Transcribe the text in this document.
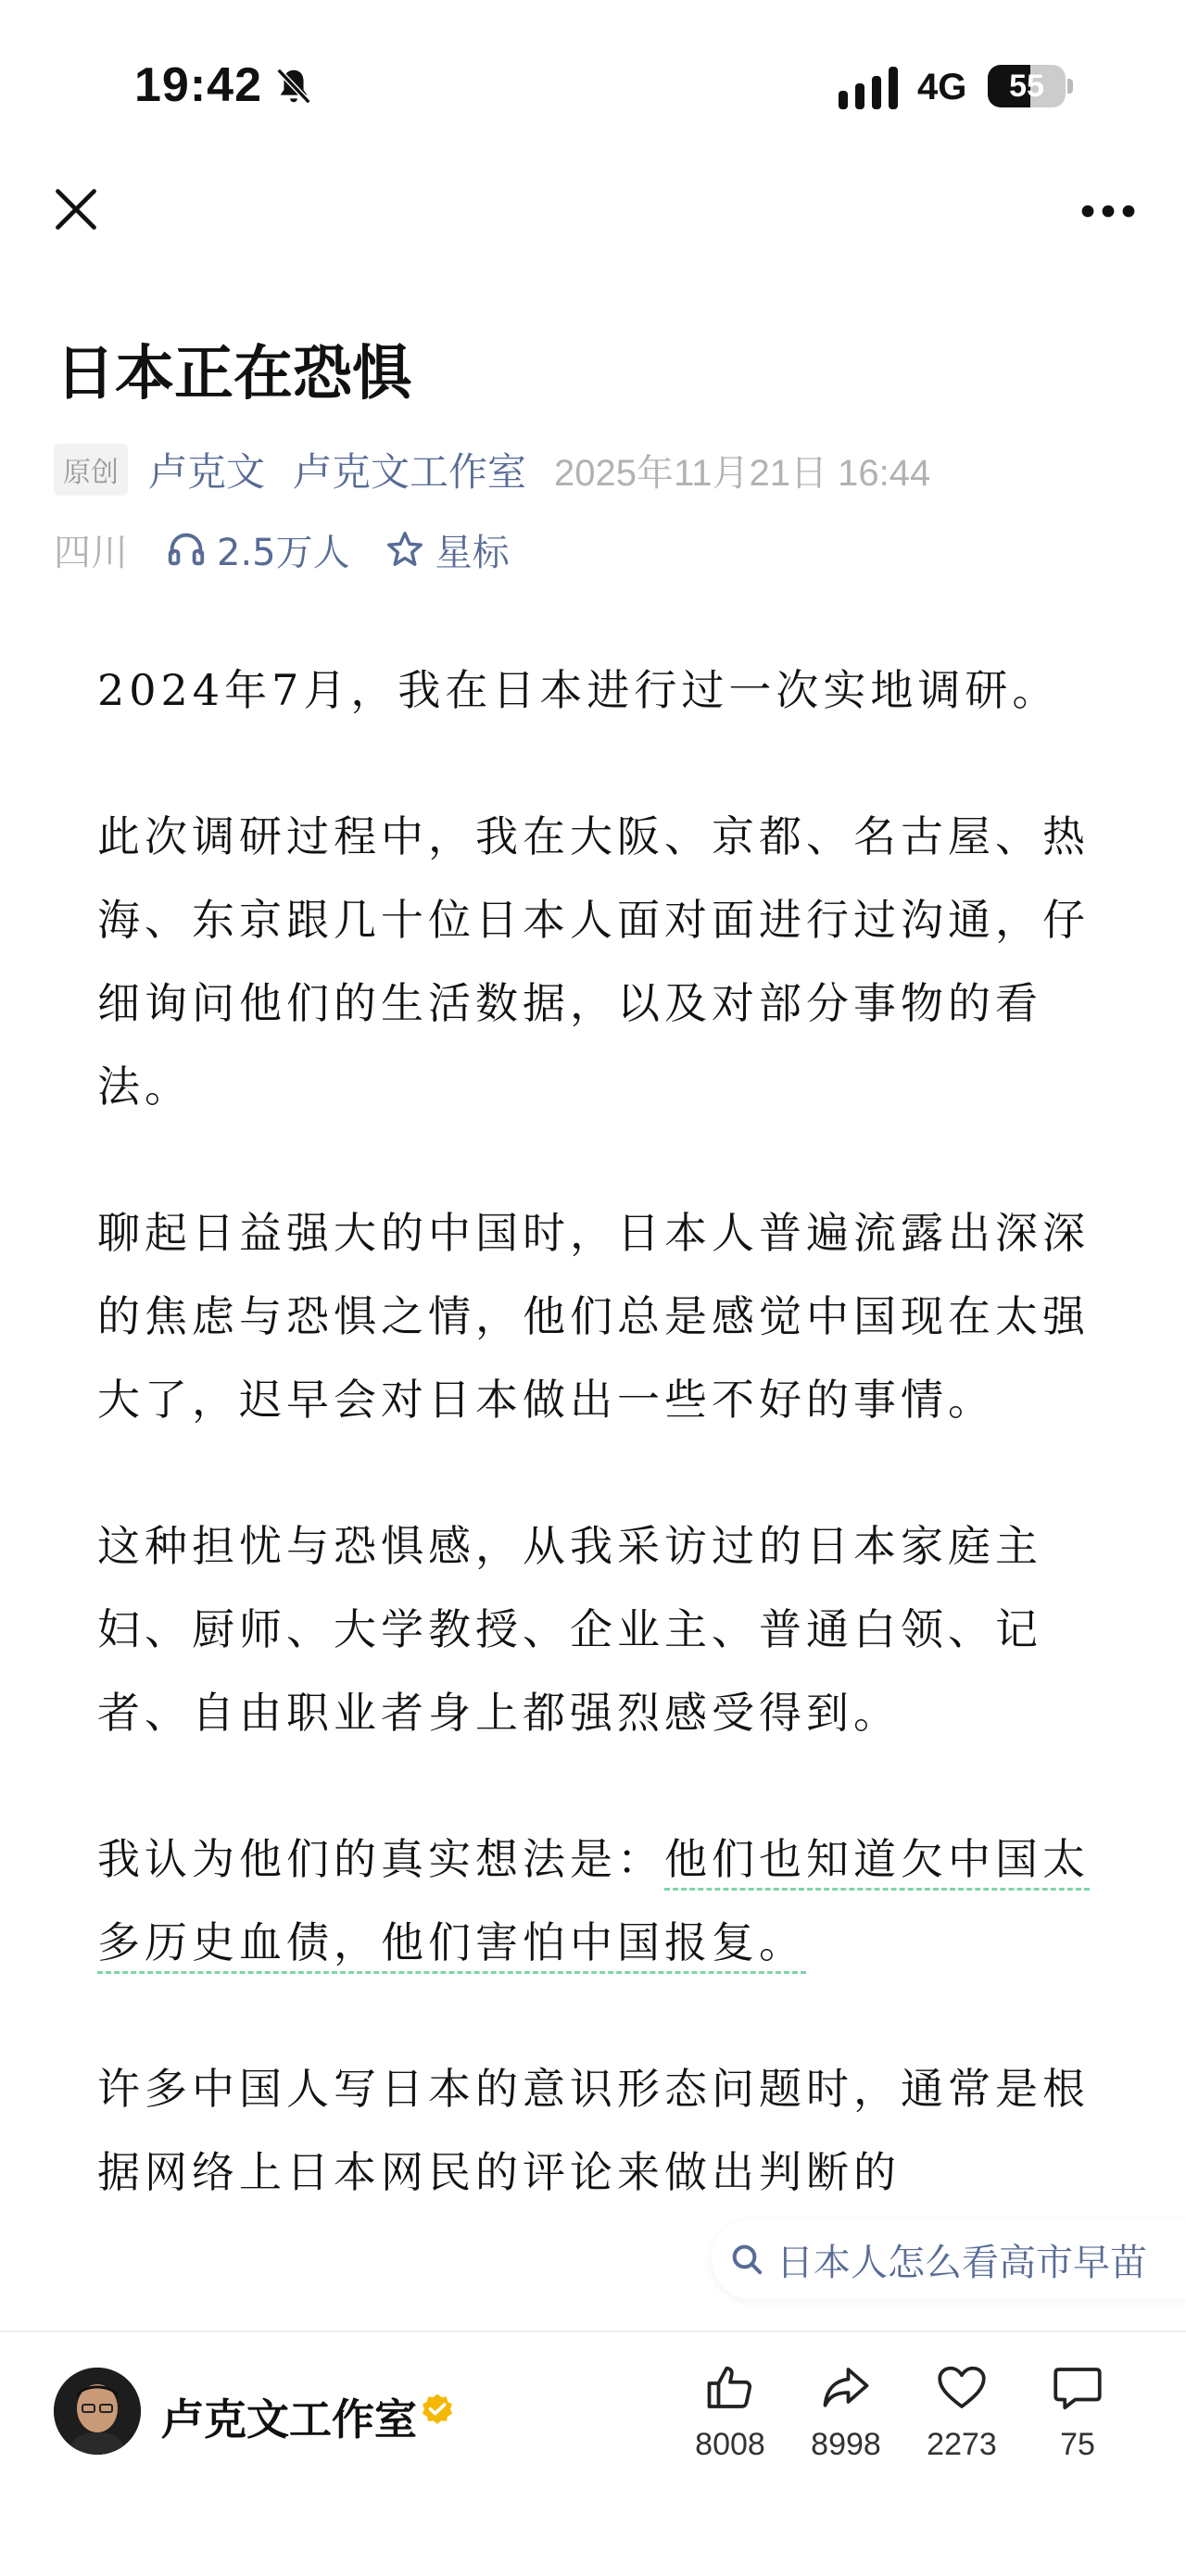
19:42	4G	55
日本正在恐惧
原创 卢克文 卢克文工作室 2025年11月21日 16:44
四川 2.5万人 星标

2024年7月，我在日本进行过一次实地调研。

此次调研过程中，我在大阪、京都、名古屋、热海、东京跟几十位日本人面对面进行过沟通，仔细询问他们的生活数据，以及对部分事物的看法。

聊起日益强大的中国时，日本人普遍流露出深深的焦虑与恐惧之情，他们总是感觉中国现在太强大了，迟早会对日本做出一些不好的事情。

这种担忧与恐惧感，从我采访过的日本家庭主妇、厨师、大学教授、企业主、普通白领、记者、自由职业者身上都强烈感受得到。

我认为他们的真实想法是：他们也知道欠中国太多历史血债，他们害怕中国报复。

许多中国人写日本的意识形态问题时，通常是根据网络上日本网民的评论来做出判断的

日本人怎么看高市早苗
卢克文工作室	8008	8998	2273	75
